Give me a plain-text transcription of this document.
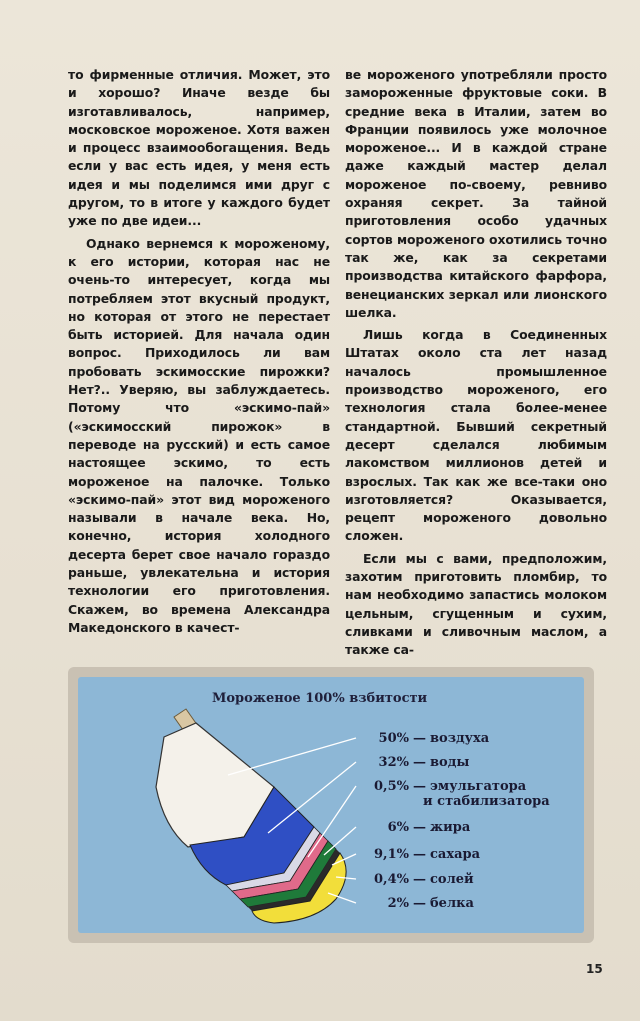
то фирменные отличия. Может, это и хорошо? Иначе везде бы изготавливалось, например, московское мороженое. Хотя важен и процесс взаимообогащения. Ведь если у вас есть идея, у меня есть идея и мы поделимся ими друг с другом, то в итоге у каждого будет уже по две идеи...

Однако вернемся к мороженому, к его истории, которая нас не очень-то интересует, когда мы потребляем этот вкусный продукт, но которая от этого не перестает быть историей. Для начала один вопрос. Приходилось ли вам пробовать эскимосские пирожки? Нет?.. Уверяю, вы заблуждаетесь. Потому что «эскимо-пай» («эскимосский пирожок» в переводе на русский) и есть самое настоящее эскимо, то есть мороженое на палочке. Только «эскимо-пай» этот вид мороженого называли в начале века. Но, конечно, история холодного десерта берет свое начало гораздо раньше, увлекательна и история технологии его приготовления. Скажем, во времена Александра Македонского в качест-

ве мороженого употребляли просто замороженные фруктовые соки. В средние века в Италии, затем во Франции появилось уже молочное мороженое... И в каждой стране даже каждый мастер делал мороженое по-своему, ревниво охраняя секрет. За тайной приготовления особо удачных сортов мороженого охотились точно так же, как за секретами производства китайского фарфора, венецианских зеркал или лионского шелка.

Лишь когда в Соединенных Штатах около ста лет назад началось промышленное производство мороженого, его технология стала более-менее стандартной. Бывший секретный десерт сделался любимым лакомством миллионов детей и взрослых. Так как же все-таки оно изготовляется? Оказывается, рецепт мороженого довольно сложен.

Если мы с вами, предположим, захотим приготовить пломбир, то нам необходимо запастись молоком цельным, сгущенным и сухим, сливками и сливочным маслом, а также са-

Мороженое 100% взбитости
50% — воздуха
32% — воды
0,5% — эмульгатора
и стабилизатора
6% — жира
9,1% — сахара
0,4% — солей
2% — белка
15
